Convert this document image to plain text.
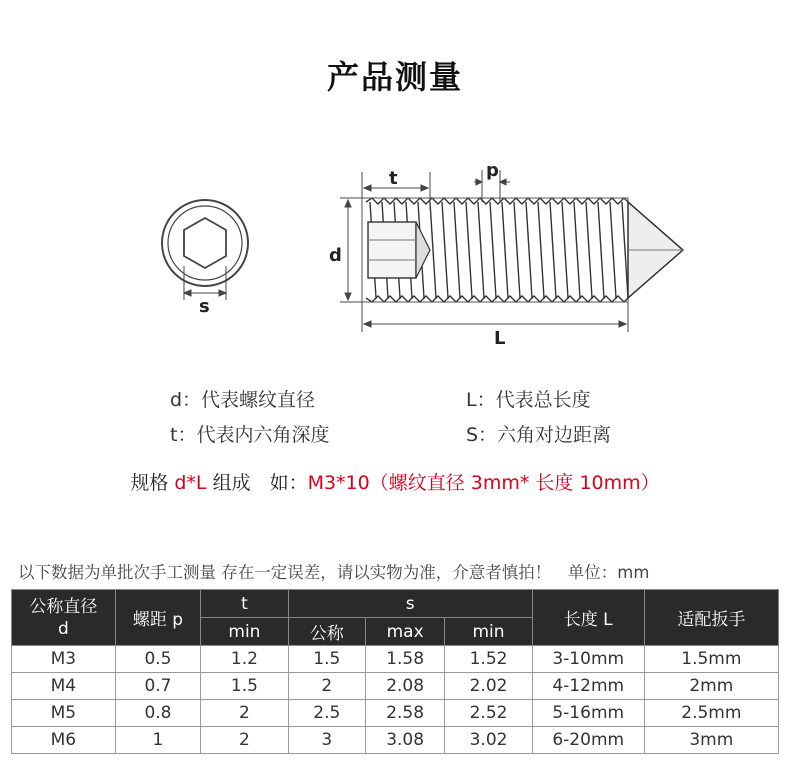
产品测量
s
t	p
d
L
d：代表螺纹直径	L：代表总长度
t：代表内六角深度	S：六角对边距离
规格 d*L 组成　如：M3*10（螺纹直径 3mm* 长度 10mm）
以下数据为单批次手工测量 存在一定误差，请以实物为准，介意者慎拍！　单位：mm
公称直径
d	螺距 p	t	s			长度 L	适配扳手
		min	公称	max	min		
M3	0.5	1.2	1.5	1.58	1.52	3-10mm	1.5mm
M4	0.7	1.5	2	2.08	2.02	4-12mm	2mm
M5	0.8	2	2.5	2.58	2.52	5-16mm	2.5mm
M6	1	2	3	3.08	3.02	6-20mm	3mm
